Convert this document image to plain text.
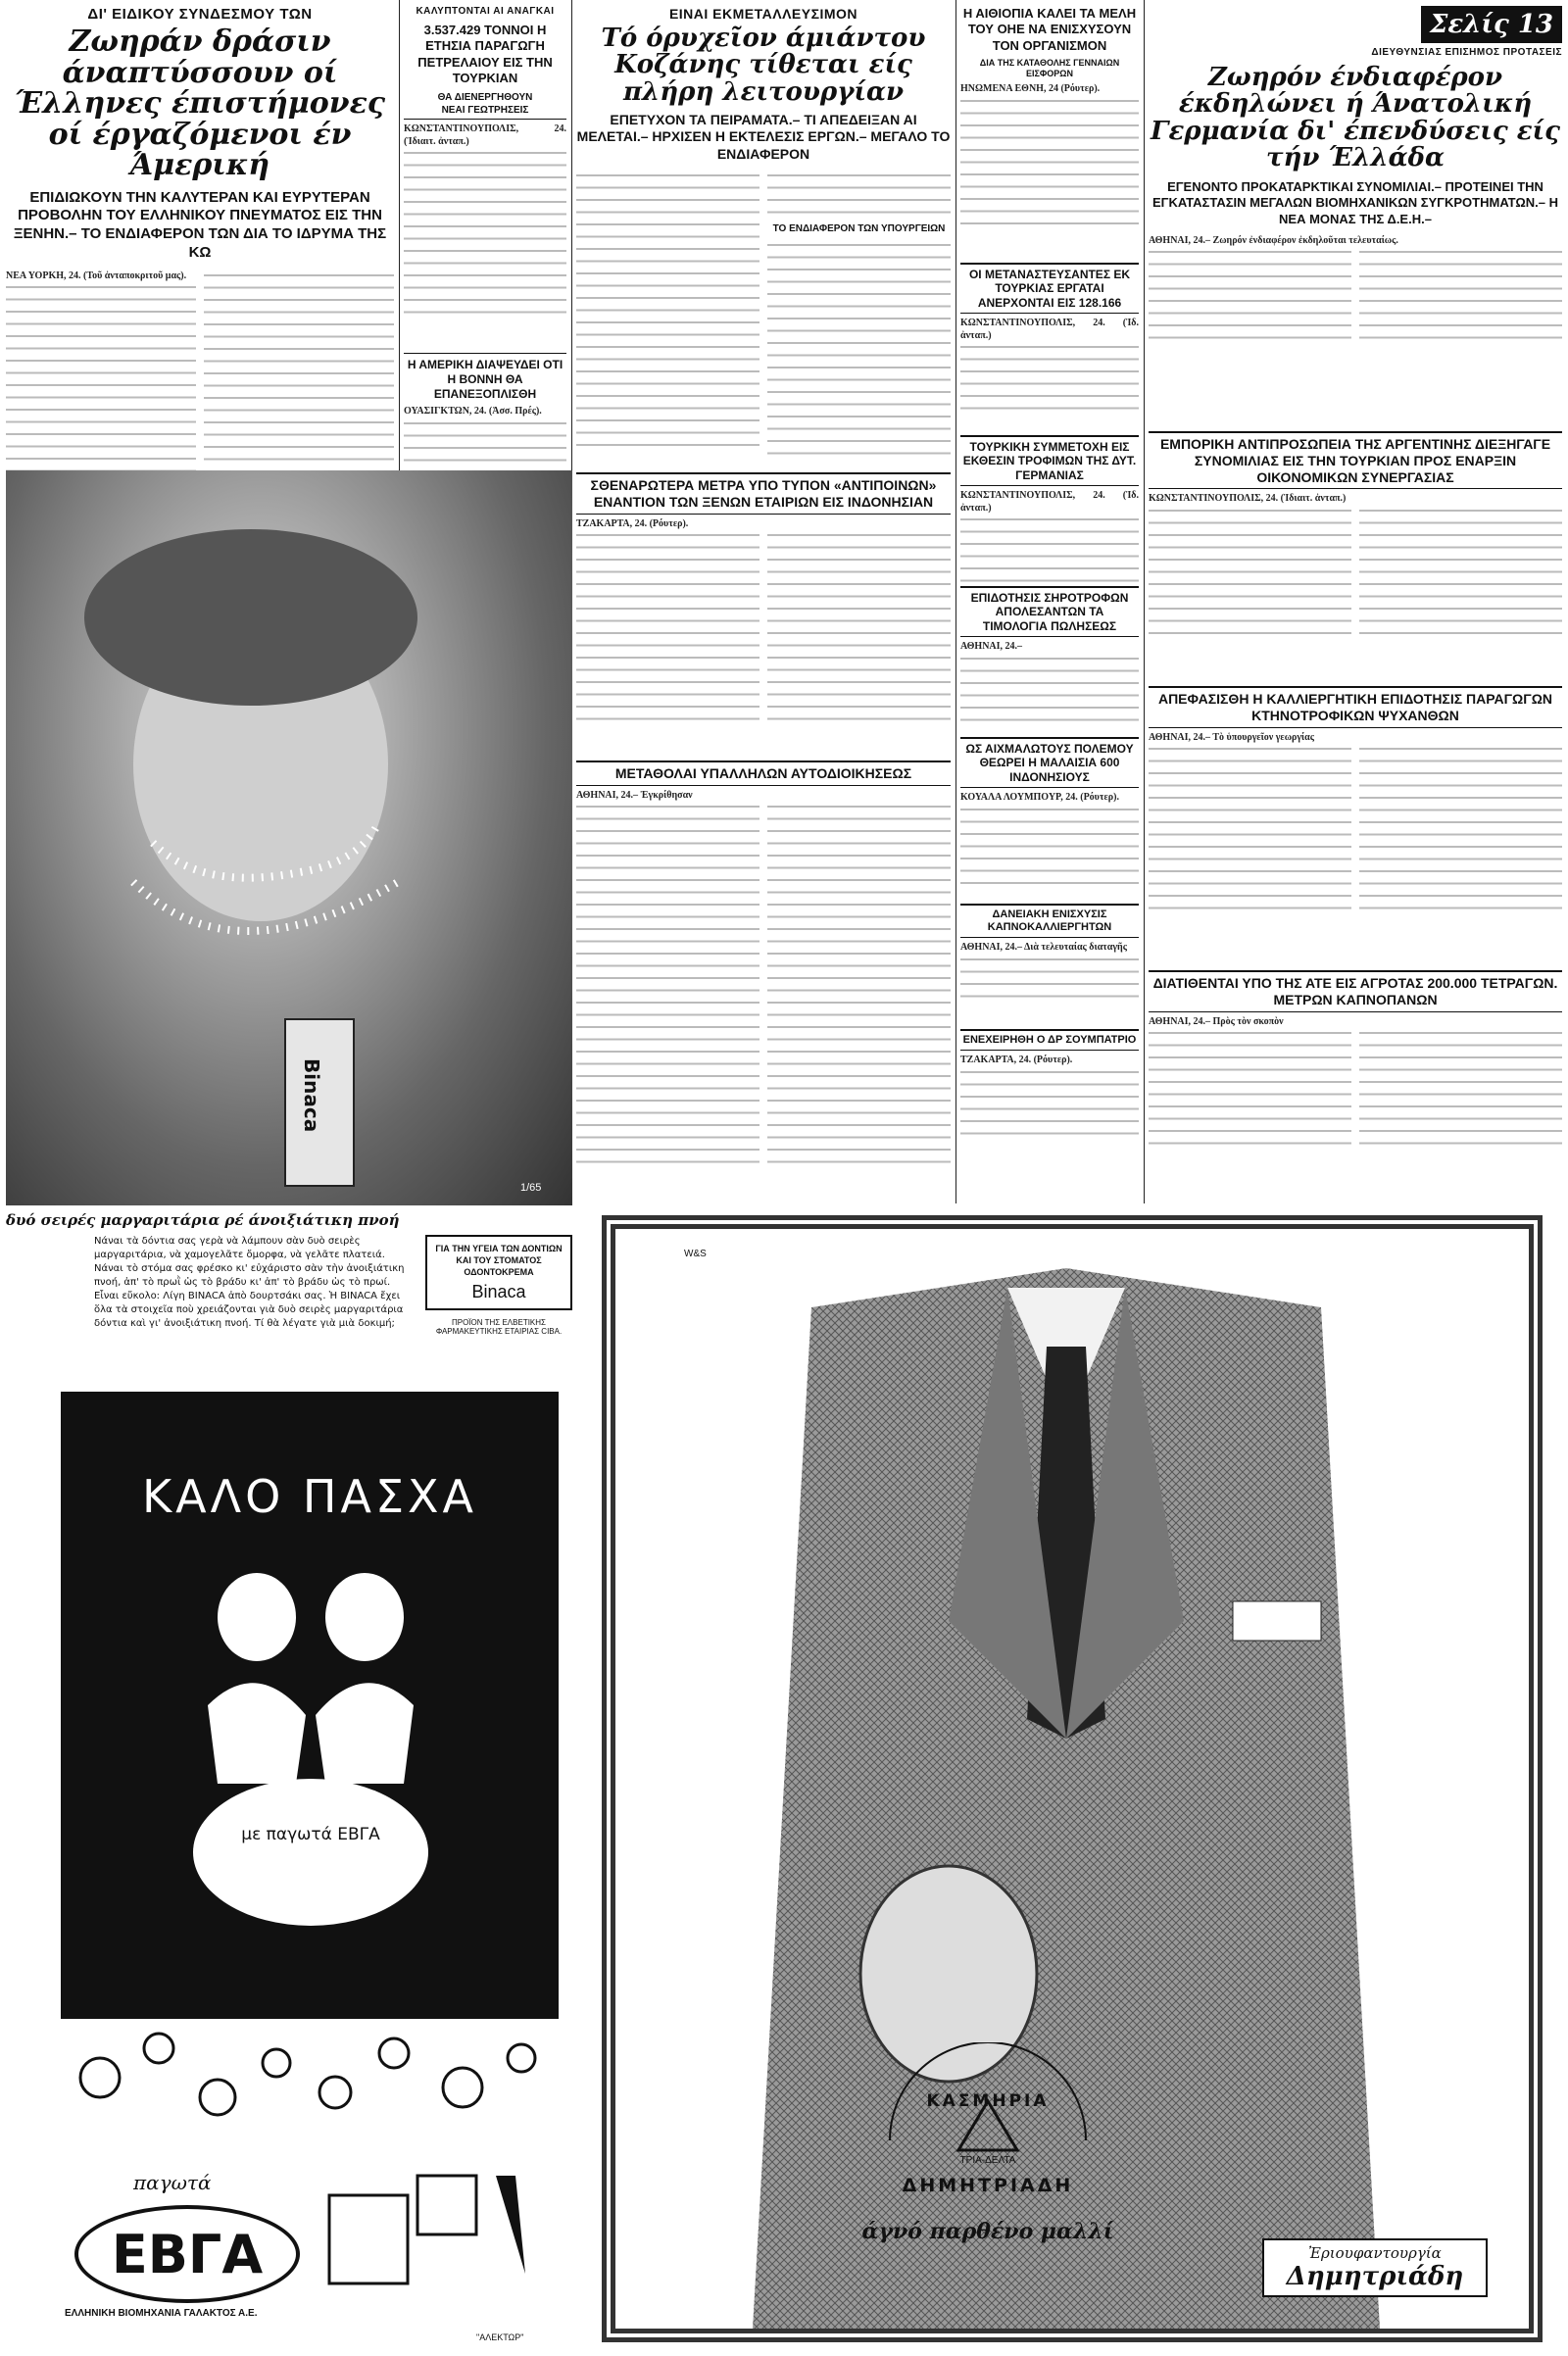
ΔΙ' ΕΙΔΙΚΟΥ ΣΥΝΔΕΣΜΟΥ ΤΩΝ
Ζωηράν δράσιν άναπτύσσουν οί Έλληνες έπιστήμονες οί έργαζόμενοι έν Άμερική
ΕΠΙΔΙΩΚΟΥΝ ΤΗΝ ΚΑΛΥΤΕΡΑΝ ΚΑΙ ΕΥΡΥΤΕΡΑΝ ΠΡΟΒΟΛΗΝ ΤΟΥ ΕΛΛΗΝΙΚΟΥ ΠΝΕΥΜΑΤΟΣ ΕΙΣ ΤΗΝ ΞΕΝΗΝ.– ΤΟ ΕΝΔΙΑΦΕΡΟΝ ΤΩΝ ΔΙΑ ΤΟ ΙΔΡΥΜΑ ΤΗΣ ΚΩ
ΝΕΑ ΥΟΡΚΗ, 24. (Τοῦ ἀνταποκριτοῦ μας).
ΚΑΛΥΠΤΟΝΤΑΙ ΑΙ ΑΝΑΓΚΑΙ
3.537.429 ΤΟΝΝΟΙ Η ΕΤΗΣΙΑ ΠΑΡΑΓΩΓΗ ΠΕΤΡΕΛΑΙΟΥ ΕΙΣ ΤΗΝ ΤΟΥΡΚΙΑΝ
ΘΑ ΔΙΕΝΕΡΓΗΘΟΥΝ
ΝΕΑΙ ΓΕΩΤΡΗΣΕΙΣ
ΚΩΝΣΤΑΝΤΙΝΟΥΠΟΛΙΣ, 24. (Ἰδιαιτ. ἀνταπ.)
Η ΑΜΕΡΙΚΗ ΔΙΑΨΕΥΔΕΙ ΟΤΙ Η ΒΟΝΝΗ ΘΑ ΕΠΑΝΕΞΟΠΛΙΣΘΗ
ΟΥΑΣΙΓΚΤΩΝ, 24. (Ἀσσ. Πρές).
ΕΙΝΑΙ ΕΚΜΕΤΑΛΛΕΥΣΙΜΟΝ
Τό όρυχεῖον άμιάντου Κοζάνης τίθεται είς πλήρη λειτουργίαν
ΕΠΕΤΥΧΟΝ ΤΑ ΠΕΙΡΑΜΑΤΑ.– ΤΙ ΑΠΕΔΕΙΞΑΝ ΑΙ ΜΕΛΕΤΑΙ.– ΗΡΧΙΣΕΝ Η ΕΚΤΕΛΕΣΙΣ ΕΡΓΩΝ.– ΜΕΓΑΛΟ ΤΟ ΕΝΔΙΑΦΕΡΟΝ
ΤΟ ΕΝΔΙΑΦΕΡΟΝ ΤΩΝ ΥΠΟΥΡΓΕΙΩΝ
Η ΑΙΘΙΟΠΙΑ ΚΑΛΕΙ ΤΑ ΜΕΛΗ ΤΟΥ ΟΗΕ ΝΑ ΕΝΙΣΧΥΣΟΥΝ ΤΟΝ ΟΡΓΑΝΙΣΜΟΝ
ΔΙΑ ΤΗΣ ΚΑΤΑΘΟΛΗΣ ΓΕΝΝΑΙΩΝ ΕΙΣΦΟΡΩΝ
ΗΝΩΜΕΝΑ ΕΘΝΗ, 24 (Ρόυτερ).
ΟΙ ΜΕΤΑΝΑΣΤΕΥΣΑΝΤΕΣ ΕΚ ΤΟΥΡΚΙΑΣ ΕΡΓΑΤΑΙ ΑΝΕΡΧΟΝΤΑΙ ΕΙΣ 128.166
ΚΩΝΣΤΑΝΤΙΝΟΥΠΟΛΙΣ, 24. (Ἰδ. ἀνταπ.)
ΤΟΥΡΚΙΚΗ ΣΥΜΜΕΤΟΧΗ ΕΙΣ ΕΚΘΕΣΙΝ ΤΡΟΦΙΜΩΝ ΤΗΣ ΔΥΤ. ΓΕΡΜΑΝΙΑΣ
ΚΩΝΣΤΑΝΤΙΝΟΥΠΟΛΙΣ, 24. (Ἰδ. ἀνταπ.)
ΕΠΙΔΟΤΗΣΙΣ ΣΗΡΟΤΡΟΦΩΝ ΑΠΟΛΕΣΑΝΤΩΝ ΤΑ ΤΙΜΟΛΟΓΙΑ ΠΩΛΗΣΕΩΣ
ΑΘΗΝΑΙ, 24.–
ΩΣ ΑΙΧΜΑΛΩΤΟΥΣ ΠΟΛΕΜΟΥ ΘΕΩΡΕΙ Η ΜΑΛΑΙΣΙΑ 600 ΙΝΔΟΝΗΣΙΟΥΣ
ΚΟΥΑΛΑ ΛΟΥΜΠΟΥΡ, 24. (Ρόυτερ).
ΔΑΝΕΙΑΚΗ ΕΝΙΣΧΥΣΙΣ ΚΑΠΝΟΚΑΛΛΙΕΡΓΗΤΩΝ
ΑΘΗΝΑΙ, 24.– Διὰ τελευταίας διαταγῆς
ΕΝΕΧΕΙΡΗΘΗ Ο ΔΡ ΣΟΥΜΠΑΤΡΙΟ
ΤΖΑΚΑΡΤΑ, 24. (Ρόυτερ).
Σελίς 13
ΔΙΕΥΘΥΝΣΙΑΣ ΕΠΙΣΗΜΟΣ ΠΡΟΤΑΣΕΙΣ
Ζωηρόν ένδιαφέρον έκδηλώνει ή Άνατολική Γερμανία δι' έπενδύσεις είς τήν Έλλάδα
ΕΓΕΝΟΝΤΟ ΠΡΟΚΑΤΑΡΚΤΙΚΑΙ ΣΥΝΟΜΙΛΙΑΙ.– ΠΡΟΤΕΙΝΕΙ ΤΗΝ ΕΓΚΑΤΑΣΤΑΣΙΝ ΜΕΓΑΛΩΝ ΒΙΟΜΗΧΑΝΙΚΩΝ ΣΥΓΚΡΟΤΗΜΑΤΩΝ.– Η ΝΕΑ ΜΟΝΑΣ ΤΗΣ Δ.Ε.Η.–
ΑΘΗΝΑΙ, 24.– Ζωηρόν ἐνδιαφέρον ἐκδηλοῦται τελευταίως.
ΕΜΠΟΡΙΚΗ ΑΝΤΙΠΡΟΣΩΠΕΙΑ ΤΗΣ ΑΡΓΕΝΤΙΝΗΣ ΔΙΕΞΗΓΑΓΕ ΣΥΝΟΜΙΛΙΑΣ ΕΙΣ ΤΗΝ ΤΟΥΡΚΙΑΝ ΠΡΟΣ ΕΝΑΡΞΙΝ ΟΙΚΟΝΟΜΙΚΩΝ ΣΥΝΕΡΓΑΣΙΑΣ
ΚΩΝΣΤΑΝΤΙΝΟΥΠΟΛΙΣ, 24. (Ἰδιαιτ. ἀνταπ.)
ΑΠΕΦΑΣΙΣΘΗ Η ΚΑΛΛΙΕΡΓΗΤΙΚΗ ΕΠΙΔΟΤΗΣΙΣ ΠΑΡΑΓΩΓΩΝ ΚΤΗΝΟΤΡΟΦΙΚΩΝ ΨΥΧΑΝΘΩΝ
ΑΘΗΝΑΙ, 24.– Τὸ ὑπουργεῖον γεωργίας
ΔΙΑΤΙΘΕΝΤΑΙ ΥΠΟ ΤΗΣ ΑΤΕ ΕΙΣ ΑΓΡΟΤΑΣ 200.000 ΤΕΤΡΑΓΩΝ. ΜΕΤΡΩΝ ΚΑΠΝΟΠΑΝΩΝ
ΑΘΗΝΑΙ, 24.– Πρὸς τὸν σκοπὸν
ΣΘΕΝΑΡΩΤΕΡΑ ΜΕΤΡΑ ΥΠΟ ΤΥΠΟΝ «ΑΝΤΙΠΟΙΝΩΝ» ΕΝΑΝΤΙΟΝ ΤΩΝ ΞΕΝΩΝ ΕΤΑΙΡΙΩΝ ΕΙΣ ΙΝΔΟΝΗΣΙΑΝ
ΤΖΑΚΑΡΤΑ, 24. (Ρόυτερ).
ΜΕΤΑΘΟΛΑΙ ΥΠΑΛΛΗΛΩΝ ΑΥΤΟΔΙΟΙΚΗΣΕΩΣ
ΑΘΗΝΑΙ, 24.– Ἐγκρίθησαν
Binaca
1/65
δυό σειρές μαργαριτάρια ρέ άνοιξιάτικη πνοή
Νάναι τὰ δόντια σας γερὰ νὰ λάμπουν σὰν δυὸ σειρὲς μαργαριτάρια, νὰ χαμογελᾶτε ὄμορφα, νὰ γελᾶτε πλατειά. Νάναι τὸ στόμα σας φρέσκο κι' εὐχάριστο σὰν τὴν ἀνοιξιάτικη πνοή, ἀπ' τὸ πρωῒ ὡς τὸ βράδυ κι' ἀπ' τὸ βράδυ ὡς τὸ πρωί. Εἶναι εὔκολο: Λίγη BINACA ἀπὸ δουρτσάκι σας. Ἡ BINACA ἔχει ὅλα τὰ στοιχεῖα ποὺ χρειάζονται γιὰ δυὸ σειρὲς μαργαριτάρια δόντια καὶ γι' ἀνοιξιάτικη πνοή. Τί θὰ λέγατε γιὰ μιὰ δοκιμή;
ΓΙΑ ΤΗΝ ΥΓΕΙΑ ΤΩΝ ΔΟΝΤΙΩΝ ΚΑΙ ΤΟΥ ΣΤΟΜΑΤΟΣ ΟΔΟΝΤΟΚΡΕΜΑ
Binaca
ΠΡΟΪΟΝ ΤΗΣ ΕΛΒΕΤΙΚΗΣ ΦΑΡΜΑΚΕΥΤΙΚΗΣ ΕΤΑΙΡΙΑΣ CIBA.
ΚΑΛΟ ΠΑΣΧΑ
με παγωτά ΕΒΓΑ
παγωτά
ΕΒΓΑ
ΕΛΛΗΝΙΚΗ ΒΙΟΜΗΧΑΝΙΑ ΓΑΛΑΚΤΟΣ Α.Ε.
"ΑΛΕΚΤΩΡ"
W&S
ΚΑΣΜΗΡΙΑ
ΤΡΙΑ-ΔΕΛΤΑ
ΔΗΜΗΤΡΙΑΔΗ
άγνό παρθένο μαλλί
Ἐριουφαντουργία
Δημητριάδη
